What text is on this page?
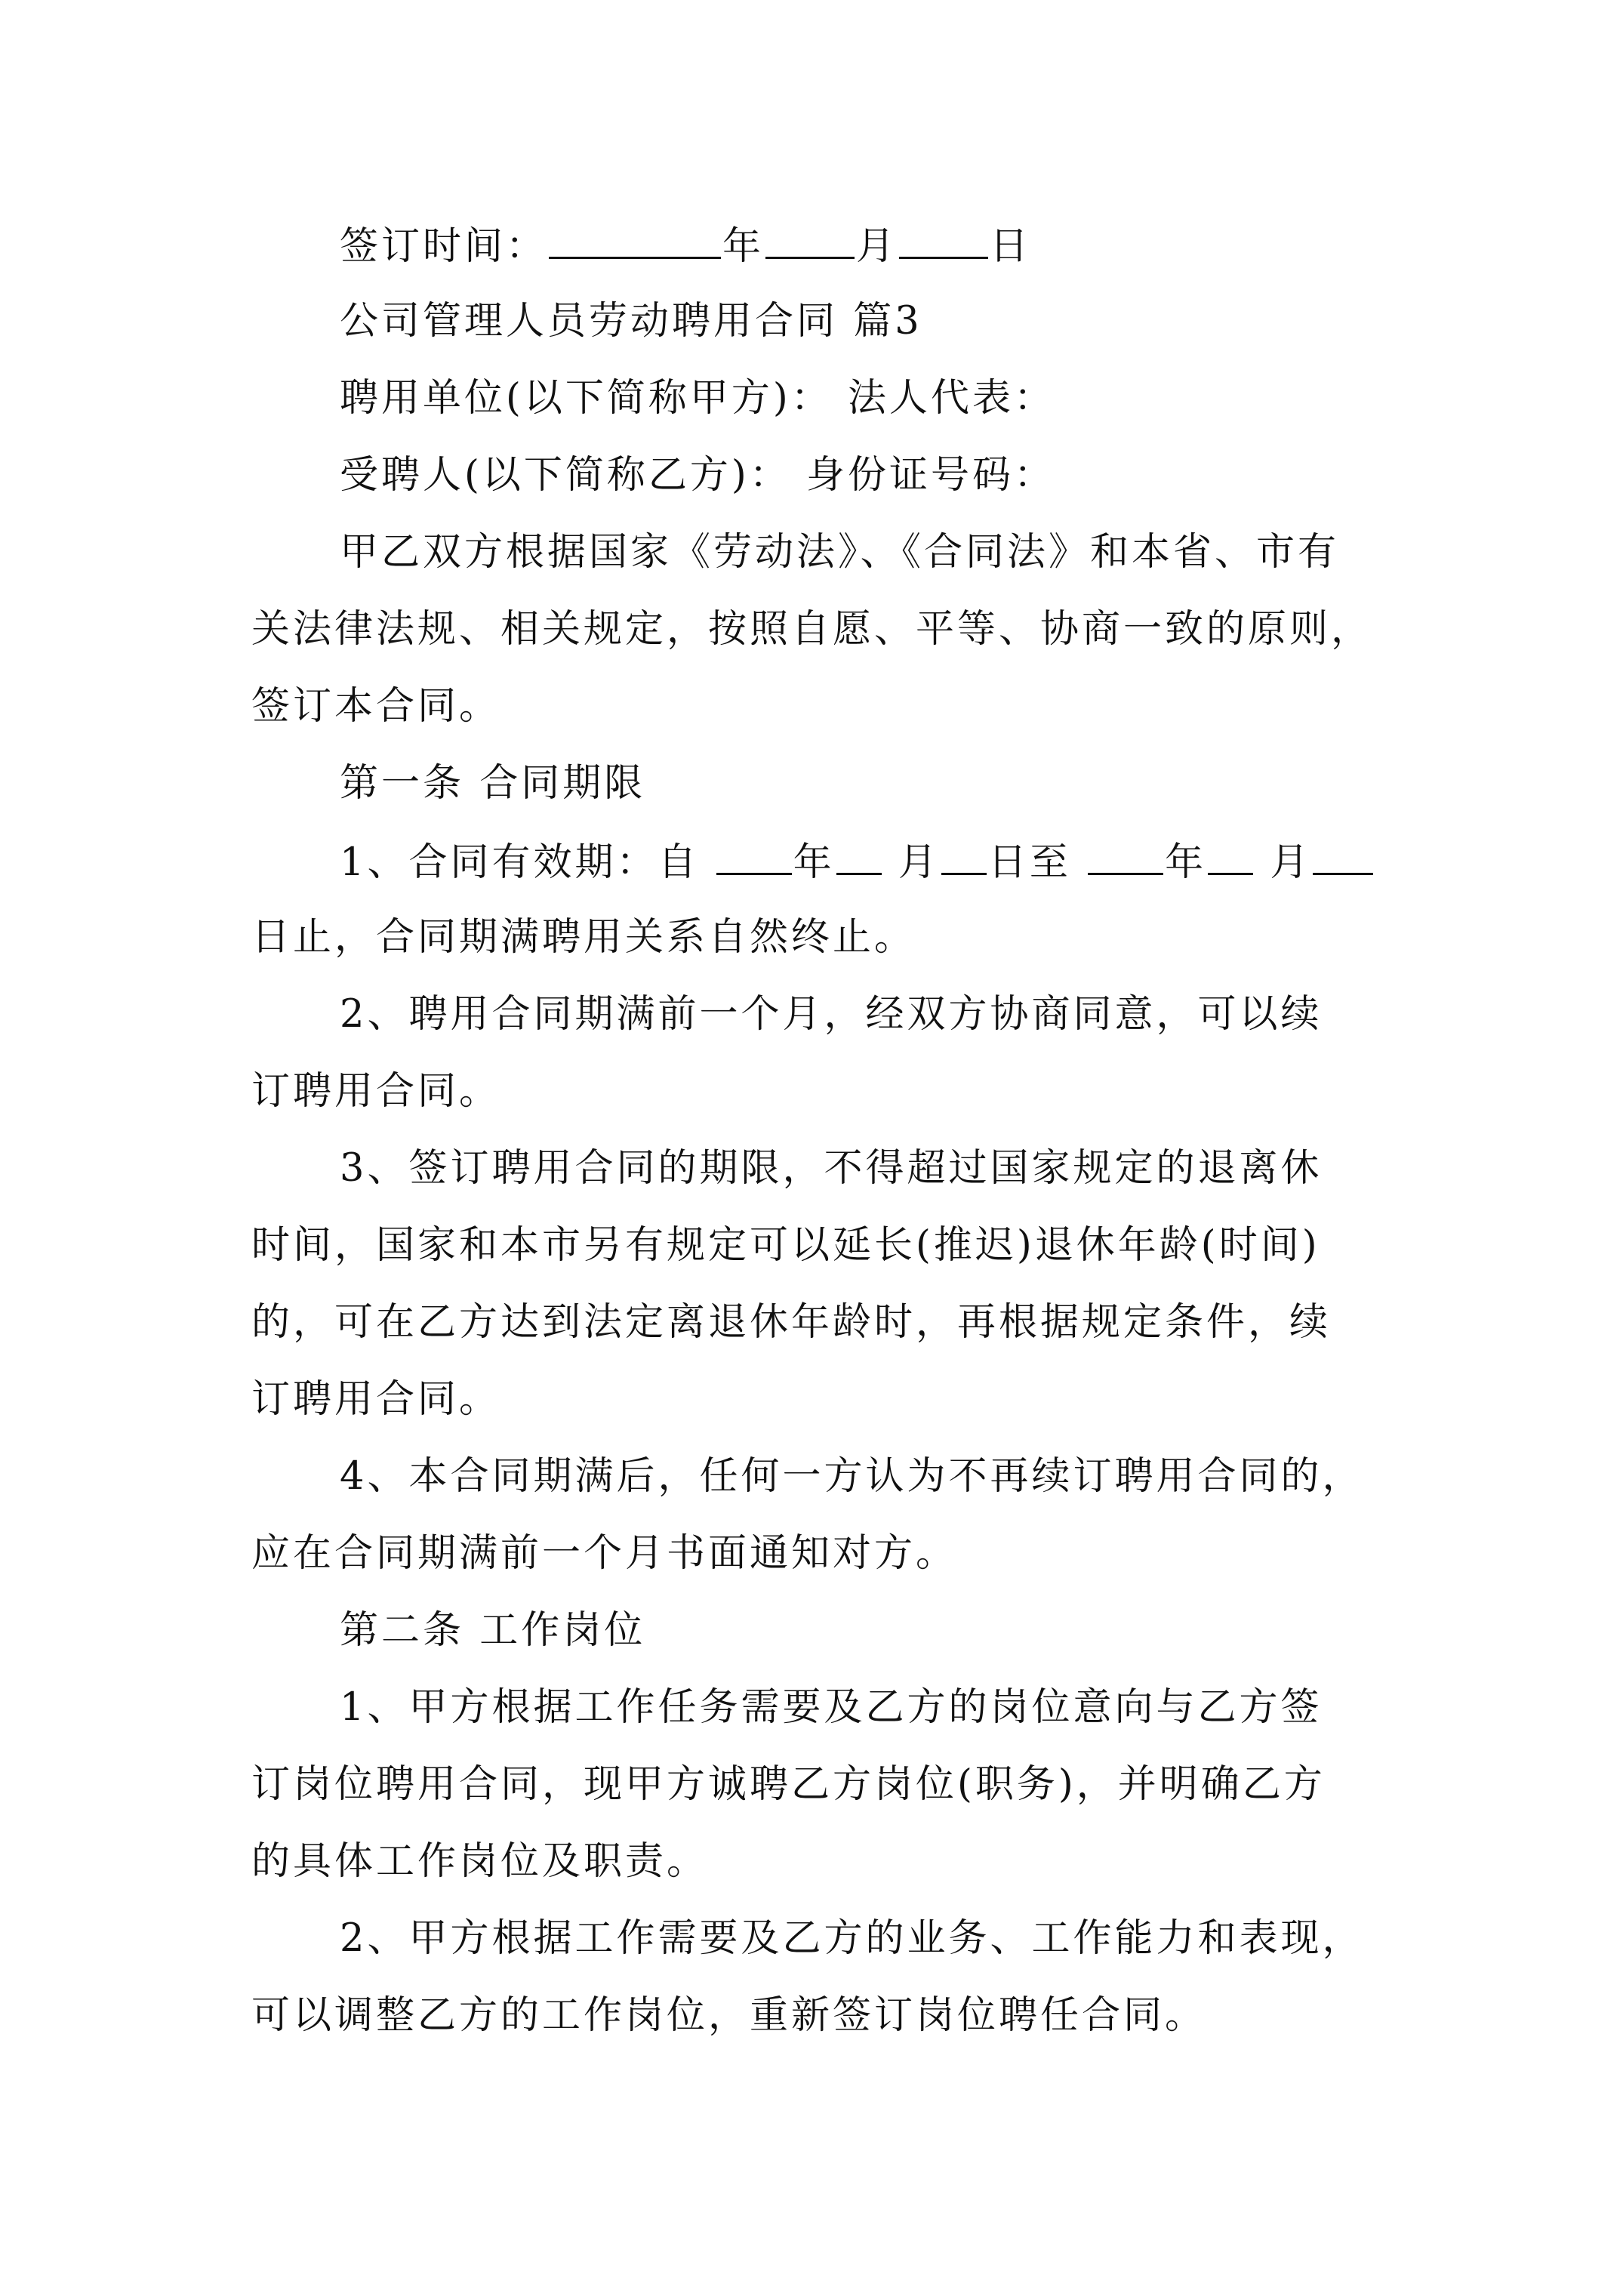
签订时间：	年 月 日
公司管理人员劳动聘用合同 篇3
聘用单位(以下简称甲方)： 法人代表：
受聘人(以下简称乙方)： 身份证号码：
甲乙双方根据国家《劳动法》、《合同法》和本省、市有
关法律法规、相关规定，按照自愿、平等、协商一致的原则，
签订本合同。
第一条 合同期限
1、合同有效期：自 年 月 日至 年 月
日止，合同期满聘用关系自然终止。
2、聘用合同期满前一个月，经双方协商同意，可以续
订聘用合同。
3、签订聘用合同的期限，不得超过国家规定的退离休
时间，国家和本市另有规定可以延长(推迟)退休年龄(时间)
的，可在乙方达到法定离退休年龄时，再根据规定条件，续
订聘用合同。
4、本合同期满后，任何一方认为不再续订聘用合同的，
应在合同期满前一个月书面通知对方。
第二条 工作岗位
1、甲方根据工作任务需要及乙方的岗位意向与乙方签
订岗位聘用合同，现甲方诚聘乙方岗位(职务)，并明确乙方
的具体工作岗位及职责。
2、甲方根据工作需要及乙方的业务、工作能力和表现，
可以调整乙方的工作岗位，重新签订岗位聘任合同。
